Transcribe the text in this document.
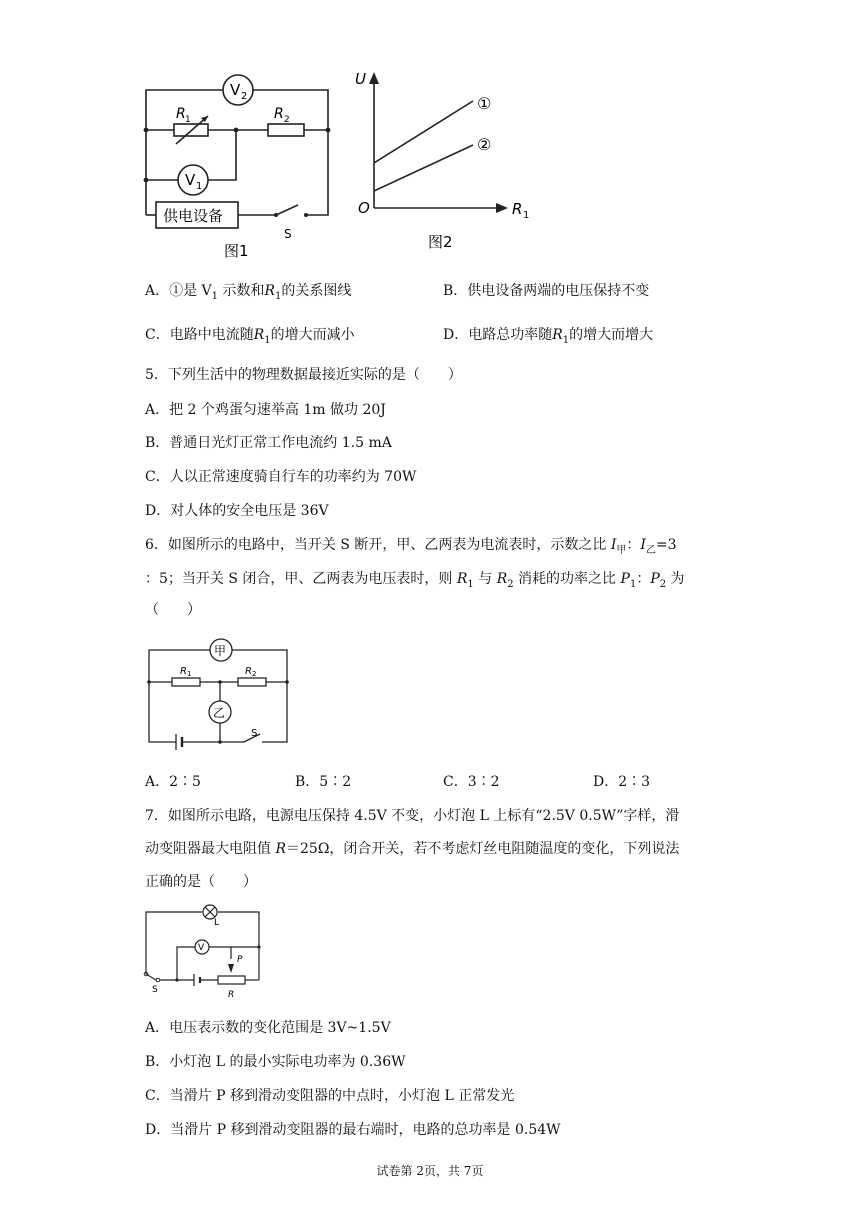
V 2
R 1	R 2
V 1
供电设备
S
图1
U
R 1
O
①
②
图2
A．①是 $V_1$ 示数和$R_1$的关系图线	B．供电设备两端的电压保持不变
C．电路中电流随$R_1$的增大而减小	D．电路总功率随$R_1$的增大而增大
5．下列生活中的物理数据最接近实际的是（　　）
A．把 2 个鸡蛋匀速举高 1m 做功 20J
B．普通日光灯正常工作电流约 1.5 mA
C．人以正常速度骑自行车的功率约为 70W
D．对人体的安全电压是 36V
6．如图所示的电路中，当开关 S 断开，甲、乙两表为电流表时，示数之比 $I_甲$：$I_乙=3$
：5；当开关 S 闭合，甲、乙两表为电压表时，则 $R_1$ 与 $R_2$ 消耗的功率之比 $P_1$：$P_2$ 为
（　　）
甲
乙
R 1	R 2
S
A．2∶5	B．5∶2	C．3∶2	D．2∶3
7．如图所示电路，电源电压保持 4.5V 不变，小灯泡 L 上标有“2.5V 0.5W”字样，滑
动变阻器最大电阻值 R＝25Ω，闭合开关，若不考虑灯丝电阻随温度的变化，下列说法
正确的是（　　）
L
V
P
R
S
A．电压表示数的变化范围是 3V~1.5V
B．小灯泡 L 的最小实际电功率为 0.36W
C．当滑片 P 移到滑动变阻器的中点时，小灯泡 L 正常发光
D．当滑片 P 移到滑动变阻器的最右端时，电路的总功率是 0.54W
试卷第 2页，共 7页
